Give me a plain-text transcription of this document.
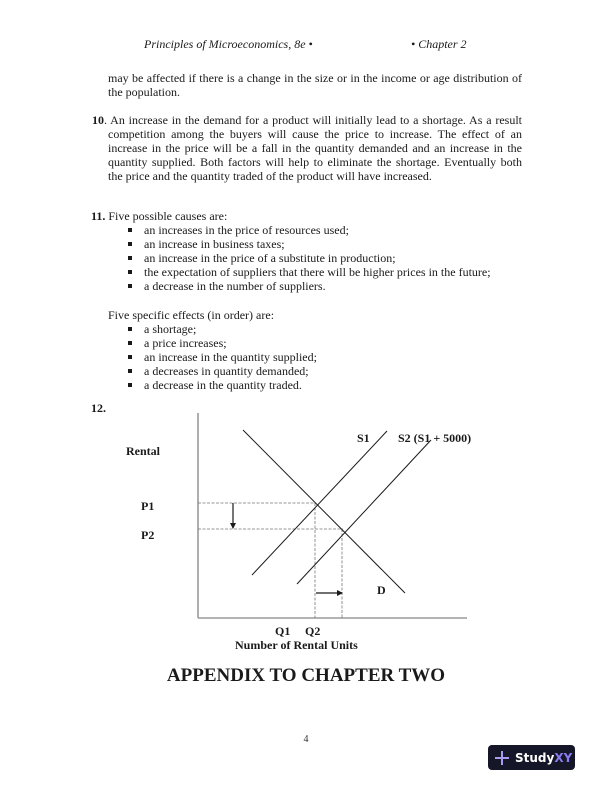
Principles of Microeconomics, 8e •	• Chapter 2
may be affected if there is a change in the size or in the income or age distribution of the population.
10. An increase in the demand for a product will initially lead to a shortage. As a result competition among the buyers will cause the price to increase. The effect of an increase in the price will be a fall in the quantity demanded and an increase in the quantity supplied. Both factors will help to eliminate the shortage. Eventually both the price and the quantity traded of the product will have increased.
11. Five possible causes are:
an increases in the price of resources used;
an increase in business taxes;
an increase in the price of a substitute in production;
the expectation of suppliers that there will be higher prices in the future;
a decrease in the number of suppliers.
Five specific effects (in order) are:
a shortage;
a price increases;
an increase in the quantity supplied;
a decreases in quantity demanded;
a decrease in the quantity traded.
12.
Rental
P1
P2
S1 S2 (S1 + 5000)
D
Q1 Q2
Number of Rental Units
APPENDIX TO CHAPTER TWO
4
Study XY
